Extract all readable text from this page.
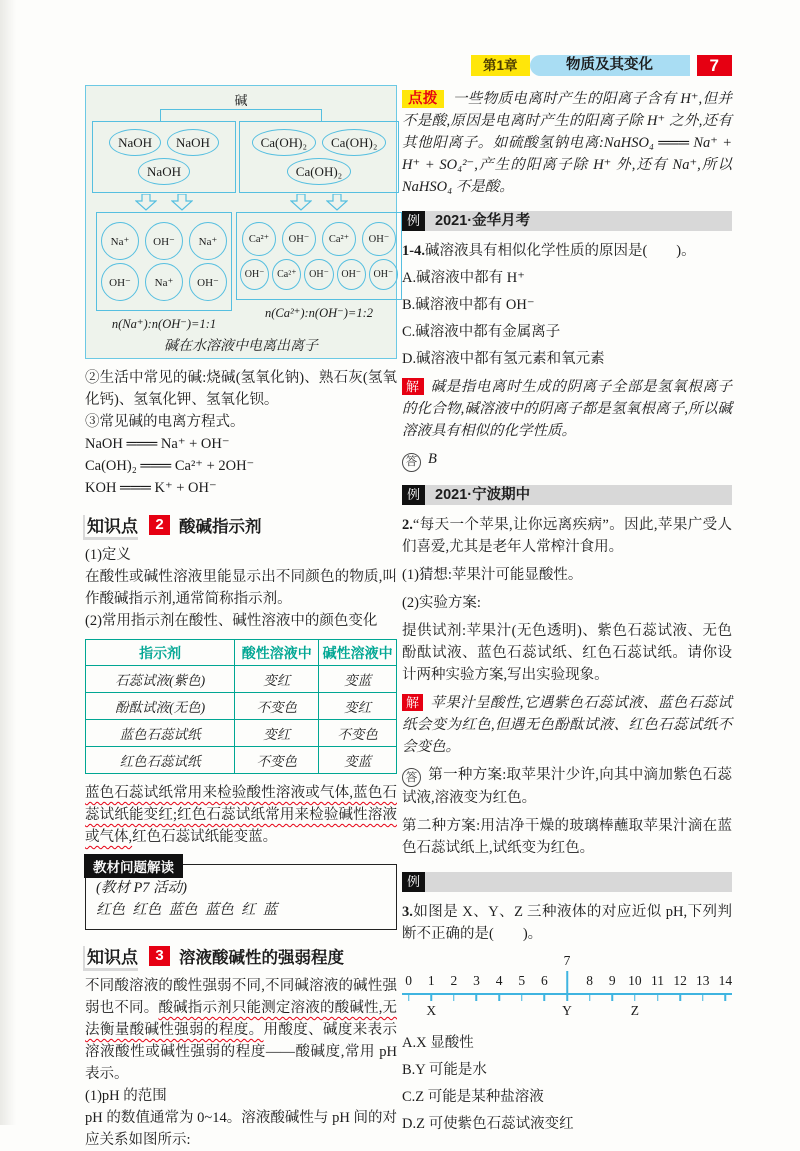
第1章	物质及其变化	7
碱
NaOH	NaOH
NaOH
Na⁺	OH⁻	Na⁺
OH⁻	Na⁺	OH⁻
n(Na⁺):n(OH⁻)=1:1
Ca(OH)₂	Ca(OH)₂
Ca(OH)₂
Ca²⁺	OH⁻	Ca²⁺	OH⁻
OH⁻	Ca²⁺	OH⁻	OH⁻	OH⁻
n(Ca²⁺):n(OH⁻)=1:2
碱在水溶液中电离出离子

②生活中常见的碱:烧碱(氢氧化钠)、熟石灰(氢氧化钙)、氢氧化钾、氢氧化钡。

③常见碱的电离方程式。

NaOH ═══ Na⁺ + OH⁻

Ca(OH)₂ ═══ Ca²⁺ + 2OH⁻

KOH ═══ K⁺ + OH⁻

知识点	2 酸碱指示剂

(1)定义

在酸性或碱性溶液里能显示出不同颜色的物质,叫作酸碱指示剂,通常简称指示剂。

(2)常用指示剂在酸性、碱性溶液中的颜色变化

指示剂	酸性溶液中	碱性溶液中
石蕊试液(紫色)	变红	变蓝
酚酞试液(无色)	不变色	变红
蓝色石蕊试纸	变红	不变色
红色石蕊试纸	不变色	变蓝

蓝色石蕊试纸常用来检验酸性溶液或气体,蓝色石蕊试纸能变红;红色石蕊试纸常用来检验碱性溶液或气体,红色石蕊试纸能变蓝。

教材问题解读

(教材 P7 活动)

红色  红色  蓝色  蓝色  红  蓝

知识点	3 溶液酸碱性的强弱程度

不同酸溶液的酸性强弱不同,不同碱溶液的碱性强弱也不同。酸碱指示剂只能测定溶液的酸碱性,无法衡量酸碱性强弱的程度。用酸度、碱度来表示溶液酸性或碱性强弱的程度——酸碱度,常用 pH 表示。

(1)pH 的范围

pH 的数值通常为 0~14。溶液酸碱性与 pH 间的对应关系如图所示:

点拨 一些物质电离时产生的阳离子含有 H⁺,但并不是酸,原因是电离时产生的阳离子除 H⁺ 之外,还有其他阳离子。如硫酸氢钠电离:NaHSO₄ ═══ Na⁺ + H⁺ + SO₄²⁻,产生的阳离子除 H⁺ 外,还有 Na⁺,所以 NaHSO₄ 不是酸。

例	2021·金华月考

1-4.碱溶液具有相似化学性质的原因是(　　)。

A.碱溶液中都有 H⁺

B.碱溶液中都有 OH⁻

C.碱溶液中都有金属离子

D.碱溶液中都有氢元素和氧元素

解 碱是指电离时生成的阴离子全部是氢氧根离子的化合物,碱溶液中的阴离子都是氢氧根离子,所以碱溶液具有相似的化学性质。

答 B

例	2021·宁波期中

2.“每天一个苹果,让你远离疾病”。因此,苹果广受人们喜爱,尤其是老年人常榨汁食用。

(1)猜想:苹果汁可能显酸性。

(2)实验方案:

提供试剂:苹果汁(无色透明)、紫色石蕊试液、无色酚酞试液、蓝色石蕊试纸、红色石蕊试纸。请你设计两种实验方案,写出实验现象。

解 苹果汁呈酸性,它遇紫色石蕊试液、蓝色石蕊试纸会变为红色,但遇无色酚酞试液、红色石蕊试纸不会变色。

答 第一种方案:取苹果汁少许,向其中滴加紫色石蕊试液,溶液变为红色。

第二种方案:用洁净干燥的玻璃棒蘸取苹果汁滴在蓝色石蕊试纸上,试纸变为红色。

例

3.如图是 X、Y、Z 三种液体的对应近似 pH,下列判断不正确的是(　　)。

0 1 2 3 4 5 6
7
8 9 10 11 12 13 14
X	Y	Z

A.X 显酸性

B.Y 可能是水

C.Z 可能是某种盐溶液

D.Z 可使紫色石蕊试液变红
